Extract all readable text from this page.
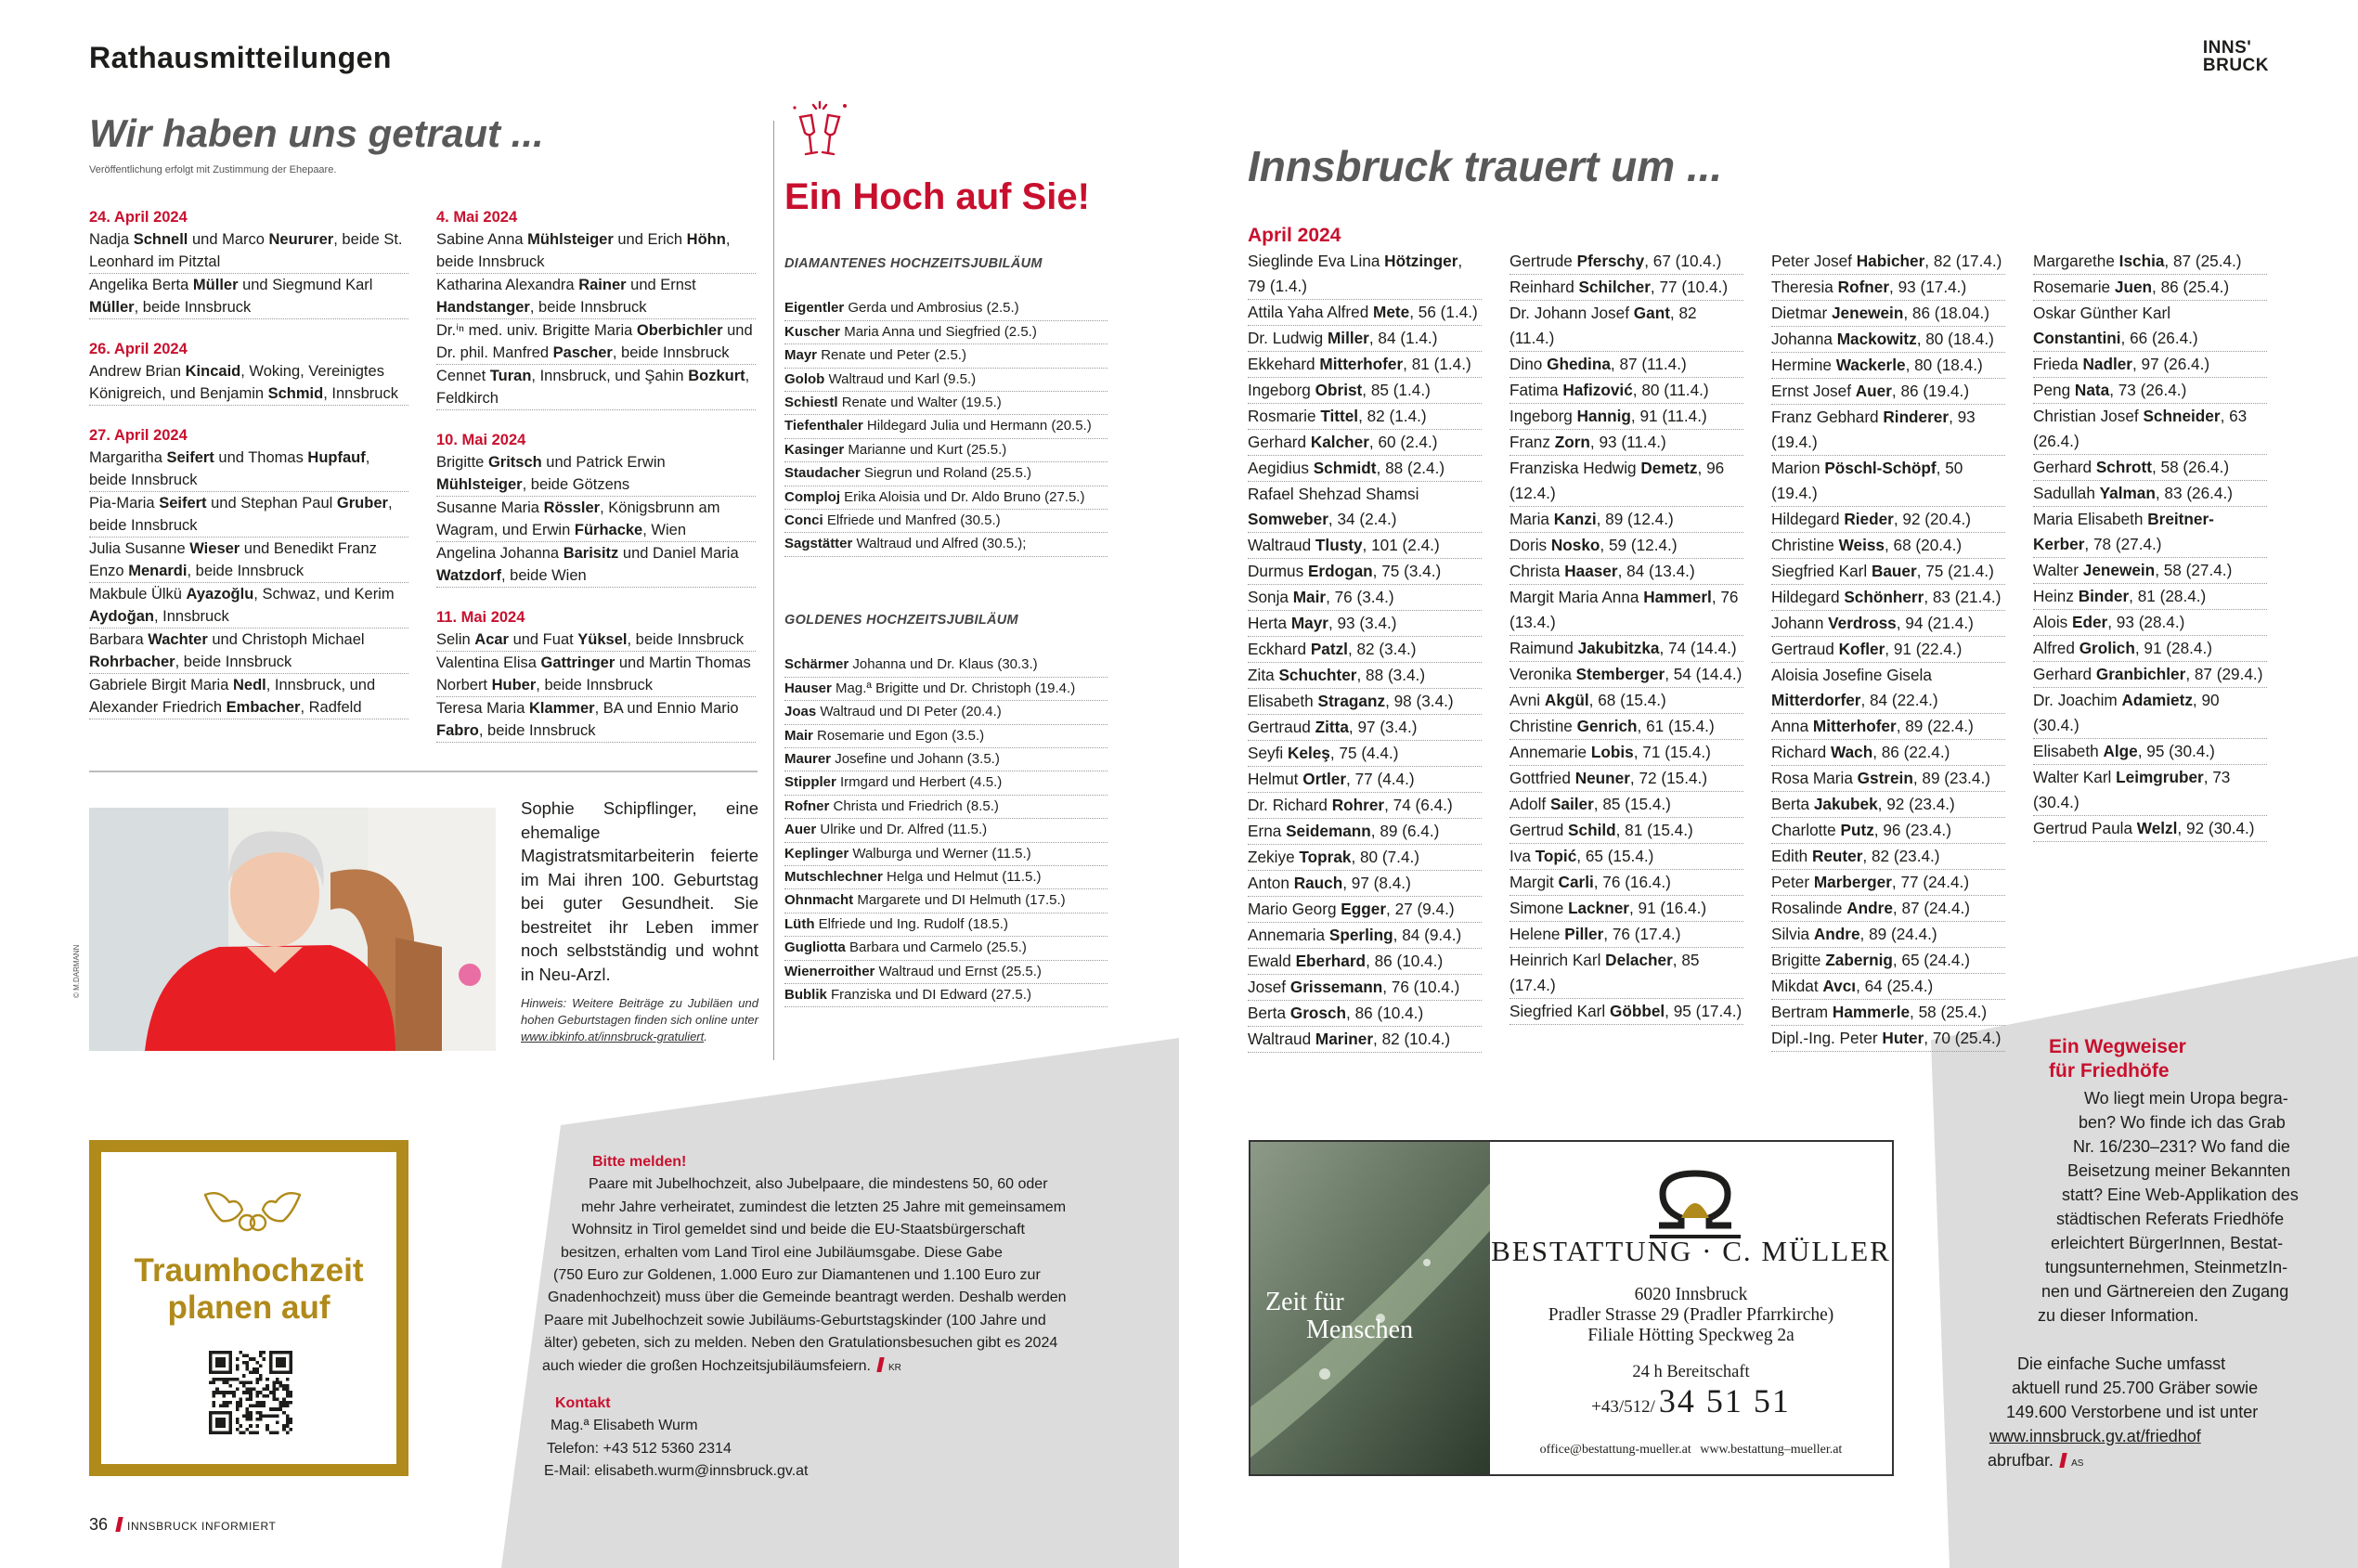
Rathausmitteilungen	INNS'
BRUCK
Wir haben uns getraut ...
Veröffentlichung erfolgt mit Zustimmung der Ehepaare.
24. April 2024
Nadja Schnell und Marco Neururer, beide St. Leonhard im Pitztal
Angelika Berta Müller und Siegmund Karl Müller, beide Innsbruck
26. April 2024
Andrew Brian Kincaid, Woking, Vereinigtes Königreich, und Benjamin Schmid, Innsbruck
27. April 2024
Margaritha Seifert und Thomas Hupfauf, beide Innsbruck
Pia-Maria Seifert und Stephan Paul Gruber, beide Innsbruck
Julia Susanne Wieser und Benedikt Franz Enzo Menardi, beide Innsbruck
Makbule Ülkü Ayazoğlu, Schwaz, und Kerim Aydoğan, Innsbruck
Barbara Wachter und Christoph Michael Rohrbacher, beide Innsbruck
Gabriele Birgit Maria Nedl, Innsbruck, und Alexander Friedrich Embacher, Radfeld
4. Mai 2024
Sabine Anna Mühlsteiger und Erich Höhn, beide Innsbruck
Katharina Alexandra Rainer und Ernst Handstanger, beide Innsbruck
Dr.ⁱⁿ med. univ. Brigitte Maria Oberbichler und Dr. phil. Manfred Pascher, beide Innsbruck
Cennet Turan, Innsbruck, und Şahin Bozkurt, Feldkirch
10. Mai 2024
Brigitte Gritsch und Patrick Erwin Mühlsteiger, beide Götzens
Susanne Maria Rössler, Königsbrunn am Wagram, und Erwin Fürhacke, Wien
Angelina Johanna Barisitz und Daniel Maria Watzdorf, beide Wien
11. Mai 2024
Selin Acar und Fuat Yüksel, beide Innsbruck
Valentina Elisa Gattringer und Martin Thomas Norbert Huber, beide Innsbruck
Teresa Maria Klammer, BA und Ennio Mario Fabro, beide Innsbruck
Ein Hoch auf Sie!
DIAMANTENES HOCHZEITSJUBILÄUM
Eigentler Gerda und Ambrosius (2.5.)
Kuscher Maria Anna und Siegfried (2.5.)
Mayr Renate und Peter (2.5.)
Golob Waltraud und Karl (9.5.)
Schiestl Renate und Walter (19.5.)
Tiefenthaler Hildegard Julia und Hermann (20.5.)
Kasinger Marianne und Kurt (25.5.)
Staudacher Siegrun und Roland (25.5.)
Comploj Erika Aloisia und Dr. Aldo Bruno (27.5.)
Conci Elfriede und Manfred (30.5.)
Sagstätter Waltraud und Alfred (30.5.);
GOLDENES HOCHZEITSJUBILÄUM
Schärmer Johanna und Dr. Klaus (30.3.)
Hauser Mag.ª Brigitte und Dr. Christoph (19.4.)
Joas Waltraud und DI Peter (20.4.)
Mair Rosemarie und Egon (3.5.)
Maurer Josefine und Johann (3.5.)
Stippler Irmgard und Herbert (4.5.)
Rofner Christa und Friedrich (8.5.)
Auer Ulrike und Dr. Alfred (11.5.)
Keplinger Walburga und Werner (11.5.)
Mutschlechner Helga und Helmut (11.5.)
Ohnmacht Margarete und DI Helmuth (17.5.)
Lüth Elfriede und Ing. Rudolf (18.5.)
Gugliotta Barbara und Carmelo (25.5.)
Wienerroither Waltraud und Ernst (25.5.)
Bublik Franziska und DI Edward (27.5.)
© M.DARMANN
Sophie Schipflinger, eine ehemalige Magistratsmitarbeiterin feierte im Mai ihren 100. Geburtstag bei guter Gesundheit. Sie bestreitet ihr Leben immer noch selbstständig und wohnt in Neu-Arzl.
Hinweis: Weitere Beiträge zu Jubiläen und hohen Geburtstagen finden sich online unter www.ibkinfo.at/innsbruck-gratuliert.
Traumhochzeit
planen auf
Bitte melden!
Paare mit Jubelhochzeit, also Jubelpaare, die mindestens 50, 60 oder
mehr Jahre verheiratet, zumindest die letzten 25 Jahre mit gemeinsamem
Wohnsitz in Tirol gemeldet sind und beide die EU-Staatsbürgerschaft
besitzen, erhalten vom Land Tirol eine Jubiläumsgabe. Diese Gabe
(750 Euro zur Goldenen, 1.000 Euro zur Diamantenen und 1.100 Euro zur
Gnadenhochzeit) muss über die Gemeinde beantragt werden. Deshalb werden
Paare mit Jubelhochzeit sowie Jubiläums-Geburtstagskinder (100 Jahre und
älter) gebeten, sich zu melden. Neben den Gratulationsbesuchen gibt es 2024
auch wieder die großen Hochzeitsjubiläumsfeiern. KR
Kontakt
Mag.ª Elisabeth Wurm
Telefon: +43 512 5360 2314
E-Mail: elisabeth.wurm@innsbruck.gv.at
36 INNSBRUCK INFORMIERT
Innsbruck trauert um ...
April 2024
Sieglinde Eva Lina Hötzinger, 79 (1.4.)
Attila Yaha Alfred Mete, 56 (1.4.)
Dr. Ludwig Miller, 84 (1.4.)
Ekkehard Mitterhofer, 81 (1.4.)
Ingeborg Obrist, 85 (1.4.)
Rosmarie Tittel, 82 (1.4.)
Gerhard Kalcher, 60 (2.4.)
Aegidius Schmidt, 88 (2.4.)
Rafael Shehzad Shamsi Somweber, 34 (2.4.)
Waltraud Tlusty, 101 (2.4.)
Durmus Erdogan, 75 (3.4.)
Sonja Mair, 76 (3.4.)
Herta Mayr, 93 (3.4.)
Eckhard Patzl, 82 (3.4.)
Zita Schuchter, 88 (3.4.)
Elisabeth Straganz, 98 (3.4.)
Gertraud Zitta, 97 (3.4.)
Seyfi Keleş, 75 (4.4.)
Helmut Ortler, 77 (4.4.)
Dr. Richard Rohrer, 74 (6.4.)
Erna Seidemann, 89 (6.4.)
Zekiye Toprak, 80 (7.4.)
Anton Rauch, 97 (8.4.)
Mario Georg Egger, 27 (9.4.)
Annemaria Sperling, 84 (9.4.)
Ewald Eberhard, 86 (10.4.)
Josef Grissemann, 76 (10.4.)
Berta Grosch, 86 (10.4.)
Waltraud Mariner, 82 (10.4.)
Gertrude Pferschy, 67 (10.4.)
Reinhard Schilcher, 77 (10.4.)
Dr. Johann Josef Gant, 82 (11.4.)
Dino Ghedina, 87 (11.4.)
Fatima Hafizović, 80 (11.4.)
Ingeborg Hannig, 91 (11.4.)
Franz Zorn, 93 (11.4.)
Franziska Hedwig Demetz, 96 (12.4.)
Maria Kanzi, 89 (12.4.)
Doris Nosko, 59 (12.4.)
Christa Haaser, 84 (13.4.)
Margit Maria Anna Hammerl, 76 (13.4.)
Raimund Jakubitzka, 74 (14.4.)
Veronika Stemberger, 54 (14.4.)
Avni Akgül, 68 (15.4.)
Christine Genrich, 61 (15.4.)
Annemarie Lobis, 71 (15.4.)
Gottfried Neuner, 72 (15.4.)
Adolf Sailer, 85 (15.4.)
Gertrud Schild, 81 (15.4.)
Iva Topić, 65 (15.4.)
Margit Carli, 76 (16.4.)
Simone Lackner, 91 (16.4.)
Helene Piller, 76 (17.4.)
Heinrich Karl Delacher, 85 (17.4.)
Siegfried Karl Göbbel, 95 (17.4.)
Peter Josef Habicher, 82 (17.4.)
Theresia Rofner, 93 (17.4.)
Dietmar Jenewein, 86 (18.04.)
Johanna Mackowitz, 80 (18.4.)
Hermine Wackerle, 80 (18.4.)
Ernst Josef Auer, 86 (19.4.)
Franz Gebhard Rinderer, 93 (19.4.)
Marion Pöschl-Schöpf, 50 (19.4.)
Hildegard Rieder, 92 (20.4.)
Christine Weiss, 68 (20.4.)
Siegfried Karl Bauer, 75 (21.4.)
Hildegard Schönherr, 83 (21.4.)
Johann Verdross, 94 (21.4.)
Gertraud Kofler, 91 (22.4.)
Aloisia Josefine Gisela Mitterdorfer, 84 (22.4.)
Anna Mitterhofer, 89 (22.4.)
Richard Wach, 86 (22.4.)
Rosa Maria Gstrein, 89 (23.4.)
Berta Jakubek, 92 (23.4.)
Charlotte Putz, 96 (23.4.)
Edith Reuter, 82 (23.4.)
Peter Marberger, 77 (24.4.)
Rosalinde Andre, 87 (24.4.)
Silvia Andre, 89 (24.4.)
Brigitte Zabernig, 65 (24.4.)
Mikdat Avcı, 64 (25.4.)
Bertram Hammerle, 58 (25.4.)
Dipl.-Ing. Peter Huter, 70 (25.4.)
Margarethe Ischia, 87 (25.4.)
Rosemarie Juen, 86 (25.4.)
Oskar Günther Karl Constantini, 66 (26.4.)
Frieda Nadler, 97 (26.4.)
Peng Nata, 73 (26.4.)
Christian Josef Schneider, 63 (26.4.)
Gerhard Schrott, 58 (26.4.)
Sadullah Yalman, 83 (26.4.)
Maria Elisabeth Breitner-Kerber, 78 (27.4.)
Walter Jenewein, 58 (27.4.)
Heinz Binder, 81 (28.4.)
Alois Eder, 93 (28.4.)
Alfred Grolich, 91 (28.4.)
Gerhard Granbichler, 87 (29.4.)
Dr. Joachim Adamietz, 90 (30.4.)
Elisabeth Alge, 95 (30.4.)
Walter Karl Leimgruber, 73 (30.4.)
Gertrud Paula Welzl, 92 (30.4.)
Zeit für
Menschen
BESTATTUNG · C. MÜLLER
6020 Innsbruck
Pradler Strasse 29 (Pradler Pfarrkirche)
Filiale Hötting Speckweg 2a
24 h Bereitschaft
+43/512/ 34 51 51
office@bestattung-mueller.at www.bestattung–mueller.at
Ein Wegweiser
für Friedhöfe
Wo liegt mein Uropa begra-
ben? Wo finde ich das Grab
Nr. 16/230–231? Wo fand die
Beisetzung meiner Bekannten
statt? Eine Web-Applikation des
städtischen Referats Friedhöfe
erleichtert BürgerInnen, Bestat-
tungsunternehmen, SteinmetzIn-
nen und Gärtnereien den Zugang
zu dieser Information.
Die einfache Suche umfasst
aktuell rund 25.700 Gräber sowie
149.600 Verstorbene und ist unter
www.innsbruck.gv.at/friedhof
abrufbar. AS
